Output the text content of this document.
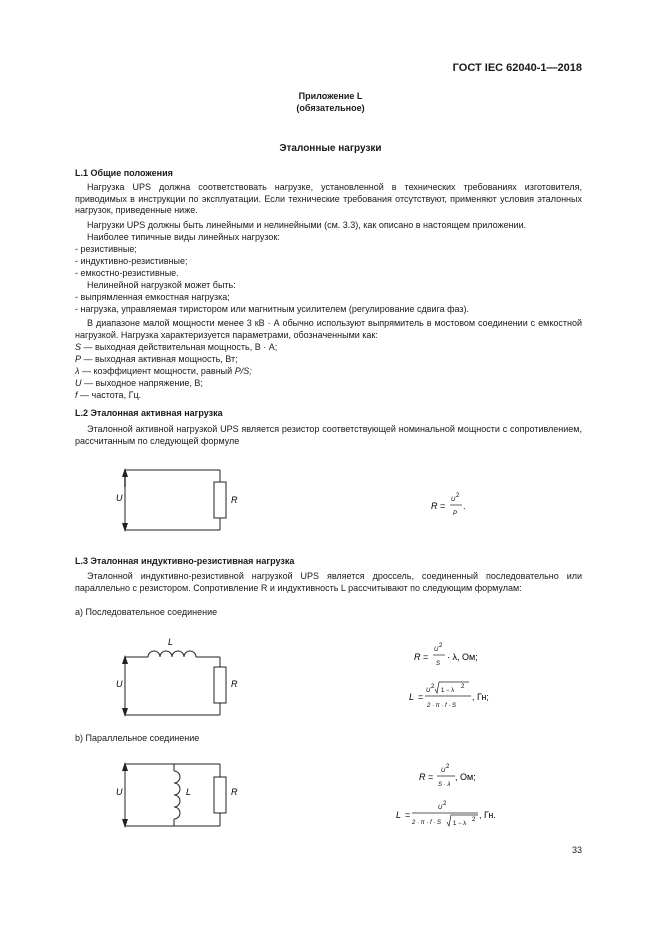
ГОСТ IEC 62040-1—2018
Приложение L
(обязательное)
Эталонные нагрузки
L.1 Общие положения
Нагрузка UPS должна соответствовать нагрузке, установленной в технических требованиях изготовителя, приводимых в инструкции по эксплуатации. Если технические требования отсутствуют, применяют условия эталонных нагрузок, приведенные ниже.
Нагрузки UPS должны быть линейными и нелинейными (см. 3.3), как описано в настоящем приложении.
Наиболее типичные виды линейных нагрузок:
- резистивные;
- индуктивно-резистивные;
- емкостно-резистивные.
Нелинейной нагрузкой может быть:
- выпрямленная емкостная нагрузка;
- нагрузка, управляемая тиристором или магнитным усилителем (регулирование сдвига фаз).
В диапазоне малой мощности менее 3 кВ · А обычно используют выпрямитель в мостовом соединении с емкостной нагрузкой. Нагрузка характеризуется параметрами, обозначенными как:
S — выходная действительная мощность, В · А;
P — выходная активная мощность, Вт;
λ — коэффициент мощности, равный P/S;
U — выходное напряжение, В;
f — частота, Гц.
L.2 Эталонная активная нагрузка
Эталонной активной нагрузкой UPS является резистор соответствующей номинальной мощности с сопротивлением, рассчитанным по следующей формуле
U	R
R =
U
2
P
.
L.3 Эталонная индуктивно-резистивная нагрузка
Эталонной индуктивно-резистивной нагрузкой UPS является дроссель, соединенный последовательно или параллельно с резистором. Сопротивление R и индуктивность L рассчитывают по следующим формулам:
а) Последовательное соединение
L
U	R
R =
U
2
S
· λ, Ом;
L =
U
2
1 − λ
2
2 · π · f · S
, Гн;
b) Параллельное соединение
U	L	R
R =
U
2
S · λ
, Ом;
L =
U
2
2 · π · f · S 1 − λ
2 , Гн.
33
